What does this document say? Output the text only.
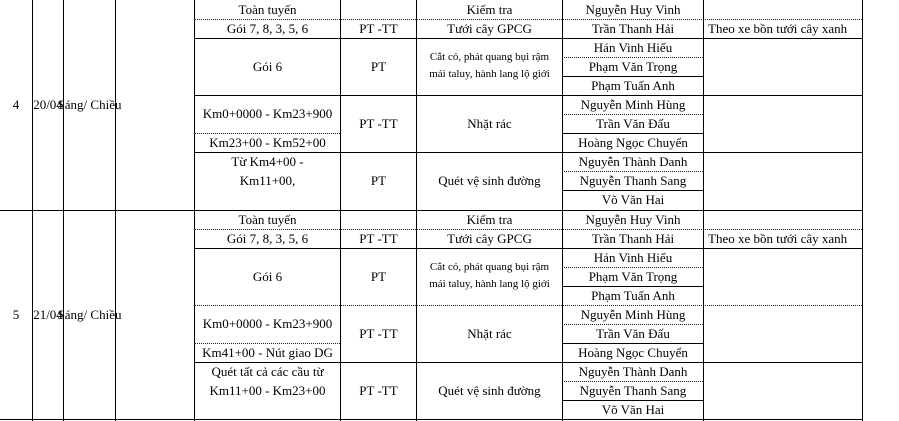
4	20/04
Sáng/ Chiều
Toàn tuyến
Gói 7, 8, 3, 5, 6
Gói 6
Km0+0000 - Km23+900
Km23+00 - Km52+00
Từ Km4+00 -
Km11+00,
PT -TT
PT
PT -TT
PT
Kiểm tra
Tưới cây GPCG
Cắt cỏ, phát quang bụi rậm
mái taluy, hành lang lộ giới
Nhặt rác
Quét vệ sinh đường
Nguyễn Huy Vinh
Trần Thanh Hải
Hán Vinh Hiếu
Phạm Văn Trọng
Phạm Tuấn Anh
Nguyễn Minh Hùng
Trần Văn Đấu
Hoàng Ngọc Chuyển
Nguyễn Thành Danh
Nguyễn Thanh Sang
Võ Văn Hai
Theo xe bồn tưới cây xanh
5	21/04
Sáng/ Chiều
Toàn tuyến
Gói 7, 8, 3, 5, 6
Gói 6
Km0+0000 - Km23+900
Km41+00 - Nút giao DG
Quét tất cả các cầu từ
Km11+00 - Km23+00
PT -TT
PT
PT -TT
PT -TT
Kiểm tra
Tưới cây GPCG
Cắt cỏ, phát quang bụi rậm
mái taluy, hành lang lộ giới
Nhặt rác
Quét vệ sinh đường
Nguyễn Huy Vinh
Trần Thanh Hải
Hán Vinh Hiếu
Phạm Văn Trọng
Phạm Tuấn Anh
Nguyễn Minh Hùng
Trần Văn Đấu
Hoàng Ngọc Chuyển
Nguyễn Thành Danh
Nguyễn Thanh Sang
Võ Văn Hai
Theo xe bồn tưới cây xanh
